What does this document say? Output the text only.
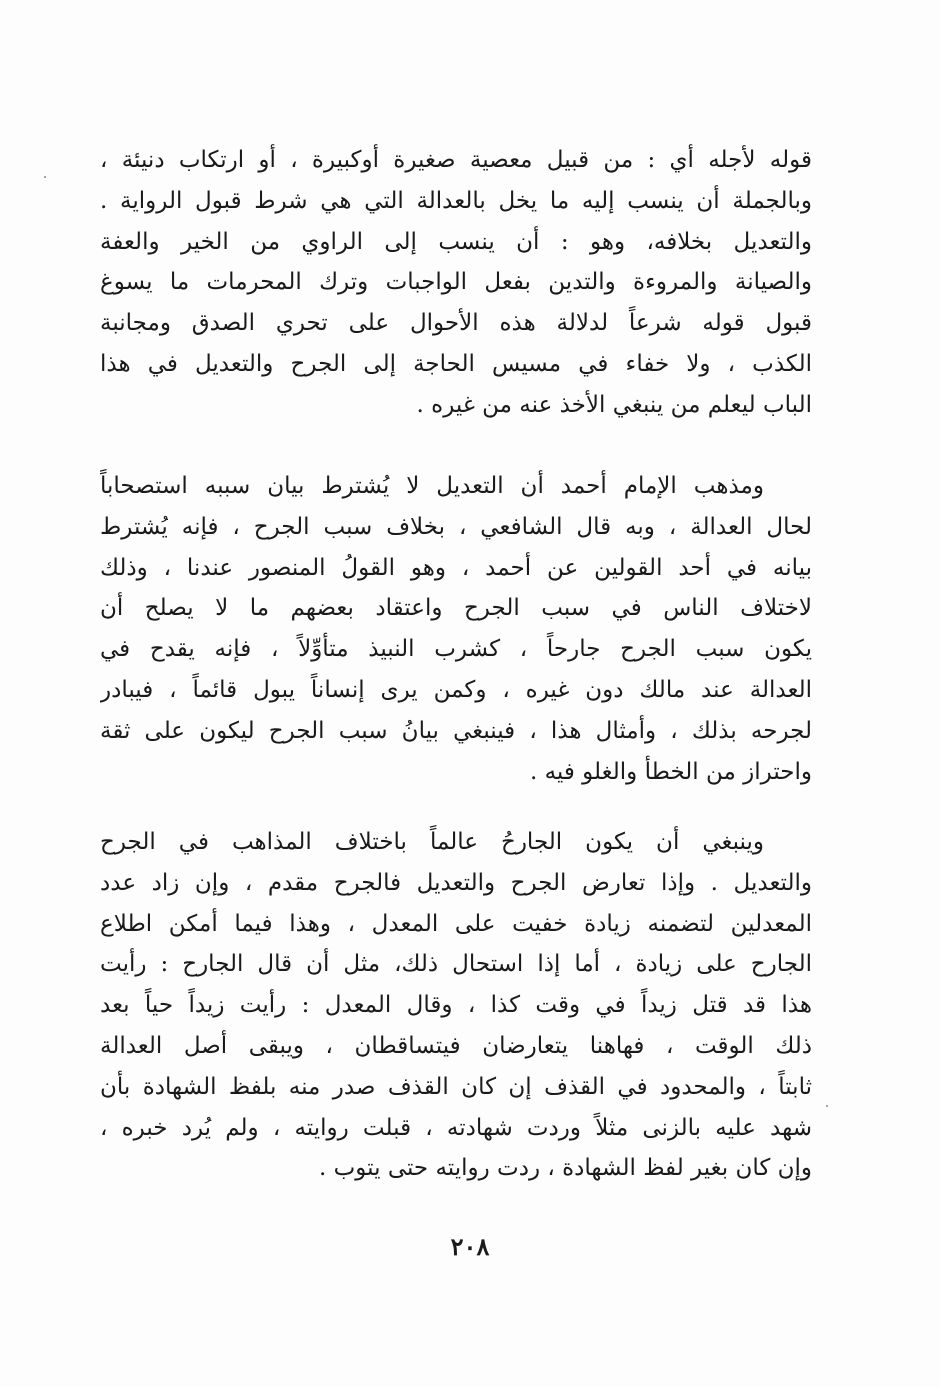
قوله لأجله أي : من قبيل معصية صغيرة أوكبيرة ، أو ارتكاب دنيئة ،
وبالجملة أن ينسب إليه ما يخل بالعدالة التي هي شرط قبول الرواية .
والتعديل بخلافه، وهو : أن ينسب إلى الراوي من الخير والعفة
والصيانة والمروءة والتدين بفعل الواجبات وترك المحرمات ما يسوغ
قبول قوله شرعاً لدلالة هذه الأحوال على تحري الصدق ومجانبة
الكذب ، ولا خفاء في مسيس الحاجة إلى الجرح والتعديل في هذا
الباب ليعلم من ينبغي الأخذ عنه من غيره .
ومذهب الإمام أحمد أن التعديل لا يُشترط بيان سببه استصحاباً
لحال العدالة ، وبه قال الشافعي ، بخلاف سبب الجرح ، فإنه يُشترط
بيانه في أحد القولين عن أحمد ، وهو القولُ المنصور عندنا ، وذلك
لاختلاف الناس في سبب الجرح واعتقاد بعضهم ما لا يصلح أن
يكون سبب الجرح جارحاً ، كشرب النبيذ متأوِّلاً ، فإنه يقدح في
العدالة عند مالك دون غيره ، وكمن يرى إنساناً يبول قائماً ، فيبادر
لجرحه بذلك ، وأمثال هذا ، فينبغي بيانُ سبب الجرح ليكون على ثقة
واحتراز من الخطأ والغلو فيه .
وينبغي أن يكون الجارحُ عالماً باختلاف المذاهب في الجرح
والتعديل . وإذا تعارض الجرح والتعديل فالجرح مقدم ، وإن زاد عدد
المعدلين لتضمنه زيادة خفيت على المعدل ، وهذا فيما أمكن اطلاع
الجارح على زيادة ، أما إذا استحال ذلك، مثل أن قال الجارح : رأيت
هذا قد قتل زيداً في وقت كذا ، وقال المعدل : رأيت زيداً حياً بعد
ذلك الوقت ، فهاهنا يتعارضان فيتساقطان ، ويبقى أصل العدالة
ثابتاً ، والمحدود في القذف إن كان القذف صدر منه بلفظ الشهادة بأن
شهد عليه بالزنى مثلاً وردت شهادته ، قبلت روايته ، ولم يُرد خبره ،
وإن كان بغير لفظ الشهادة ، ردت روايته حتى يتوب .
٢٠٨
